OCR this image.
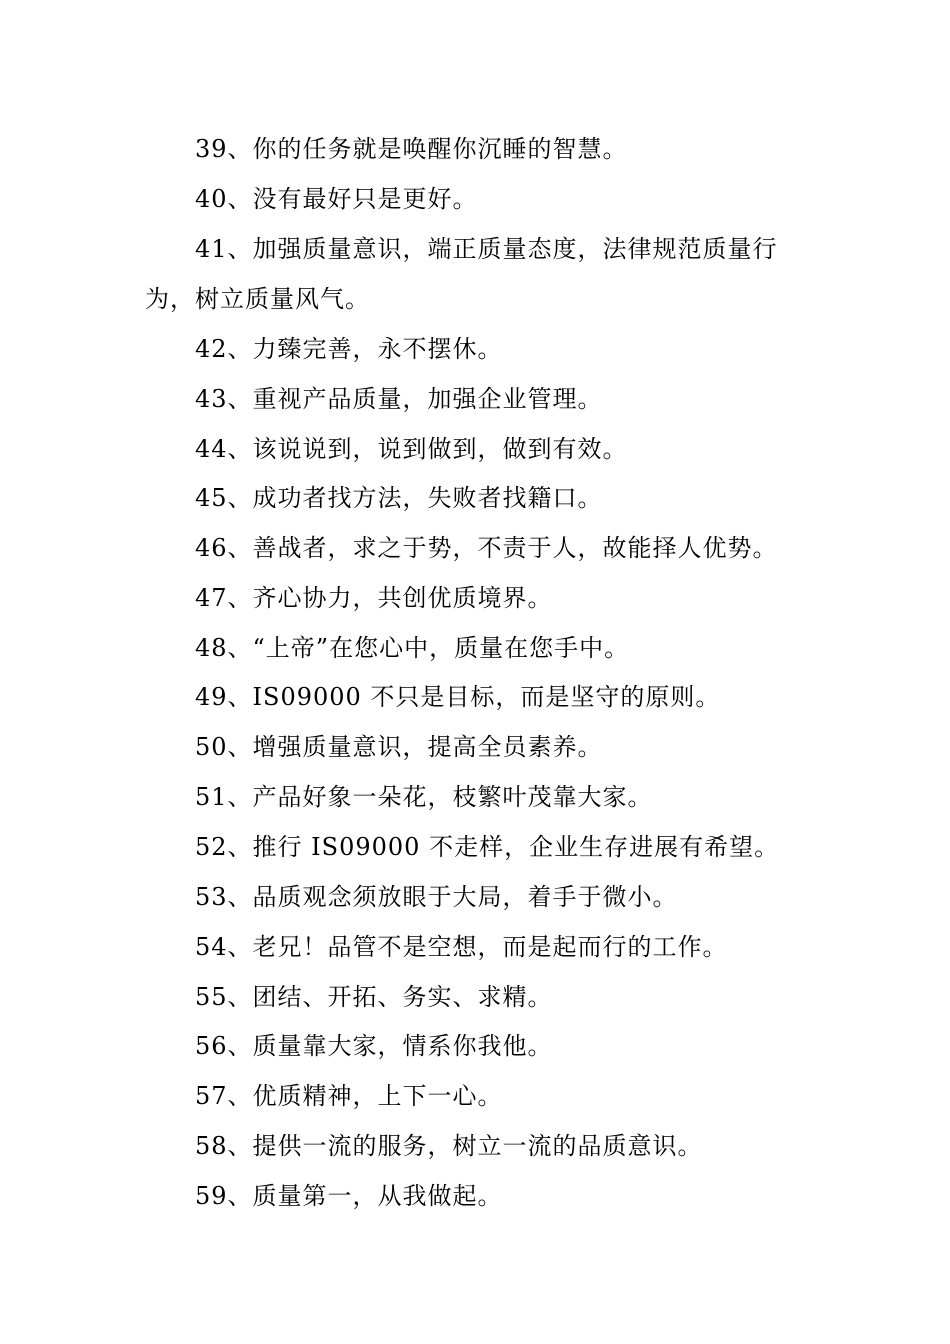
39、你的任务就是唤醒你沉睡的智慧。
40、没有最好只是更好。
41、加强质量意识，端正质量态度，法律规范质量行
为，树立质量风气。
42、力臻完善，永不摆休。
43、重视产品质量，加强企业管理。
44、该说说到，说到做到，做到有效。
45、成功者找方法，失败者找籍口。
46、善战者，求之于势，不责于人，故能择人优势。
47、齐心协力，共创优质境界。
48、“上帝”在您心中，质量在您手中。
49、IS09000 不只是目标，而是坚守的原则。
50、增强质量意识，提高全员素养。
51、产品好象一朵花，枝繁叶茂靠大家。
52、推行 IS09000 不走样，企业生存进展有希望。
53、品质观念须放眼于大局，着手于微小。
54、老兄！品管不是空想，而是起而行的工作。
55、团结、开拓、务实、求精。
56、质量靠大家，情系你我他。
57、优质精神，上下一心。
58、提供一流的服务，树立一流的品质意识。
59、质量第一，从我做起。
